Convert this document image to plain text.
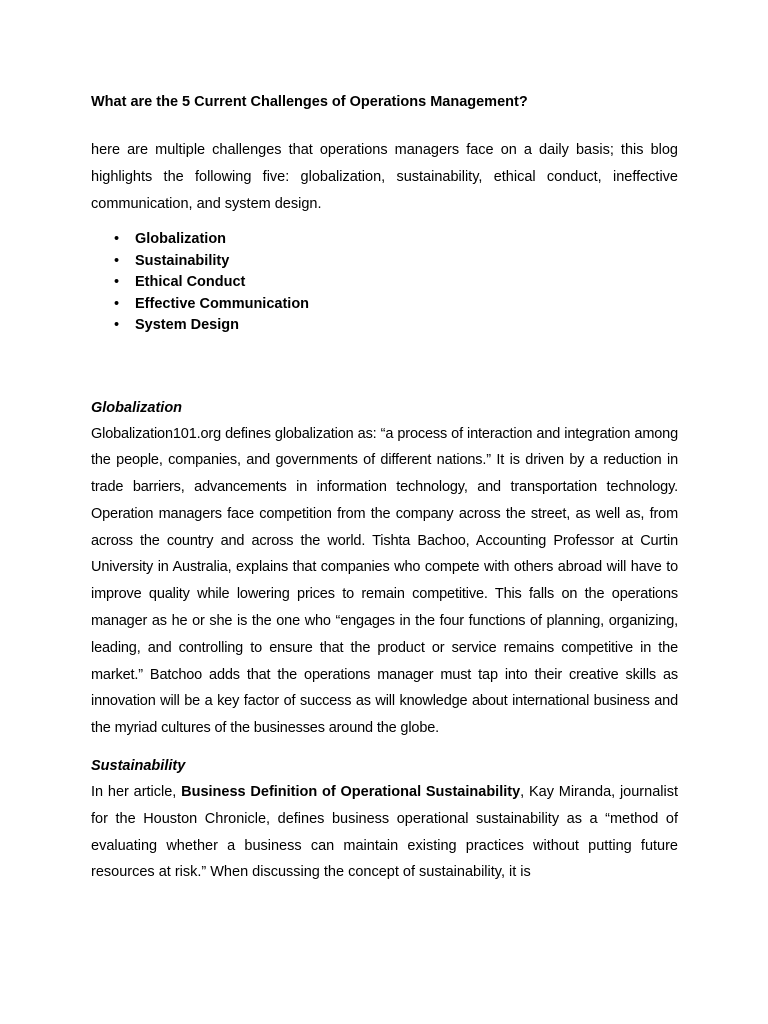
What are the 5 Current Challenges of Operations Management?

here are multiple challenges that operations managers face on a daily basis; this blog highlights the following five: globalization, sustainability, ethical conduct, ineffective communication, and system design.

• Globalization
• Sustainability
• Ethical Conduct
• Effective Communication
• System Design
Globalization

Globalization101.org defines globalization as: “a process of interaction and integration among the people, companies, and governments of different nations.” It is driven by a reduction in trade barriers, advancements in information technology, and transportation technology. Operation managers face competition from the company across the street, as well as, from across the country and across the world. Tishta Bachoo, Accounting Professor at Curtin University in Australia, explains that companies who compete with others abroad will have to improve quality while lowering prices to remain competitive. This falls on the operations manager as he or she is the one who “engages in the four functions of planning, organizing, leading, and controlling to ensure that the product or service remains competitive in the market.” Batchoo adds that the operations manager must tap into their creative skills as innovation will be a key factor of success as will knowledge about international business and the myriad cultures of the businesses around the globe.

Sustainability

In her article, Business Definition of Operational Sustainability, Kay Miranda, journalist for the Houston Chronicle, defines business operational sustainability as a “method of evaluating whether a business can maintain existing practices without putting future resources at risk.” When discussing the concept of sustainability, it is
